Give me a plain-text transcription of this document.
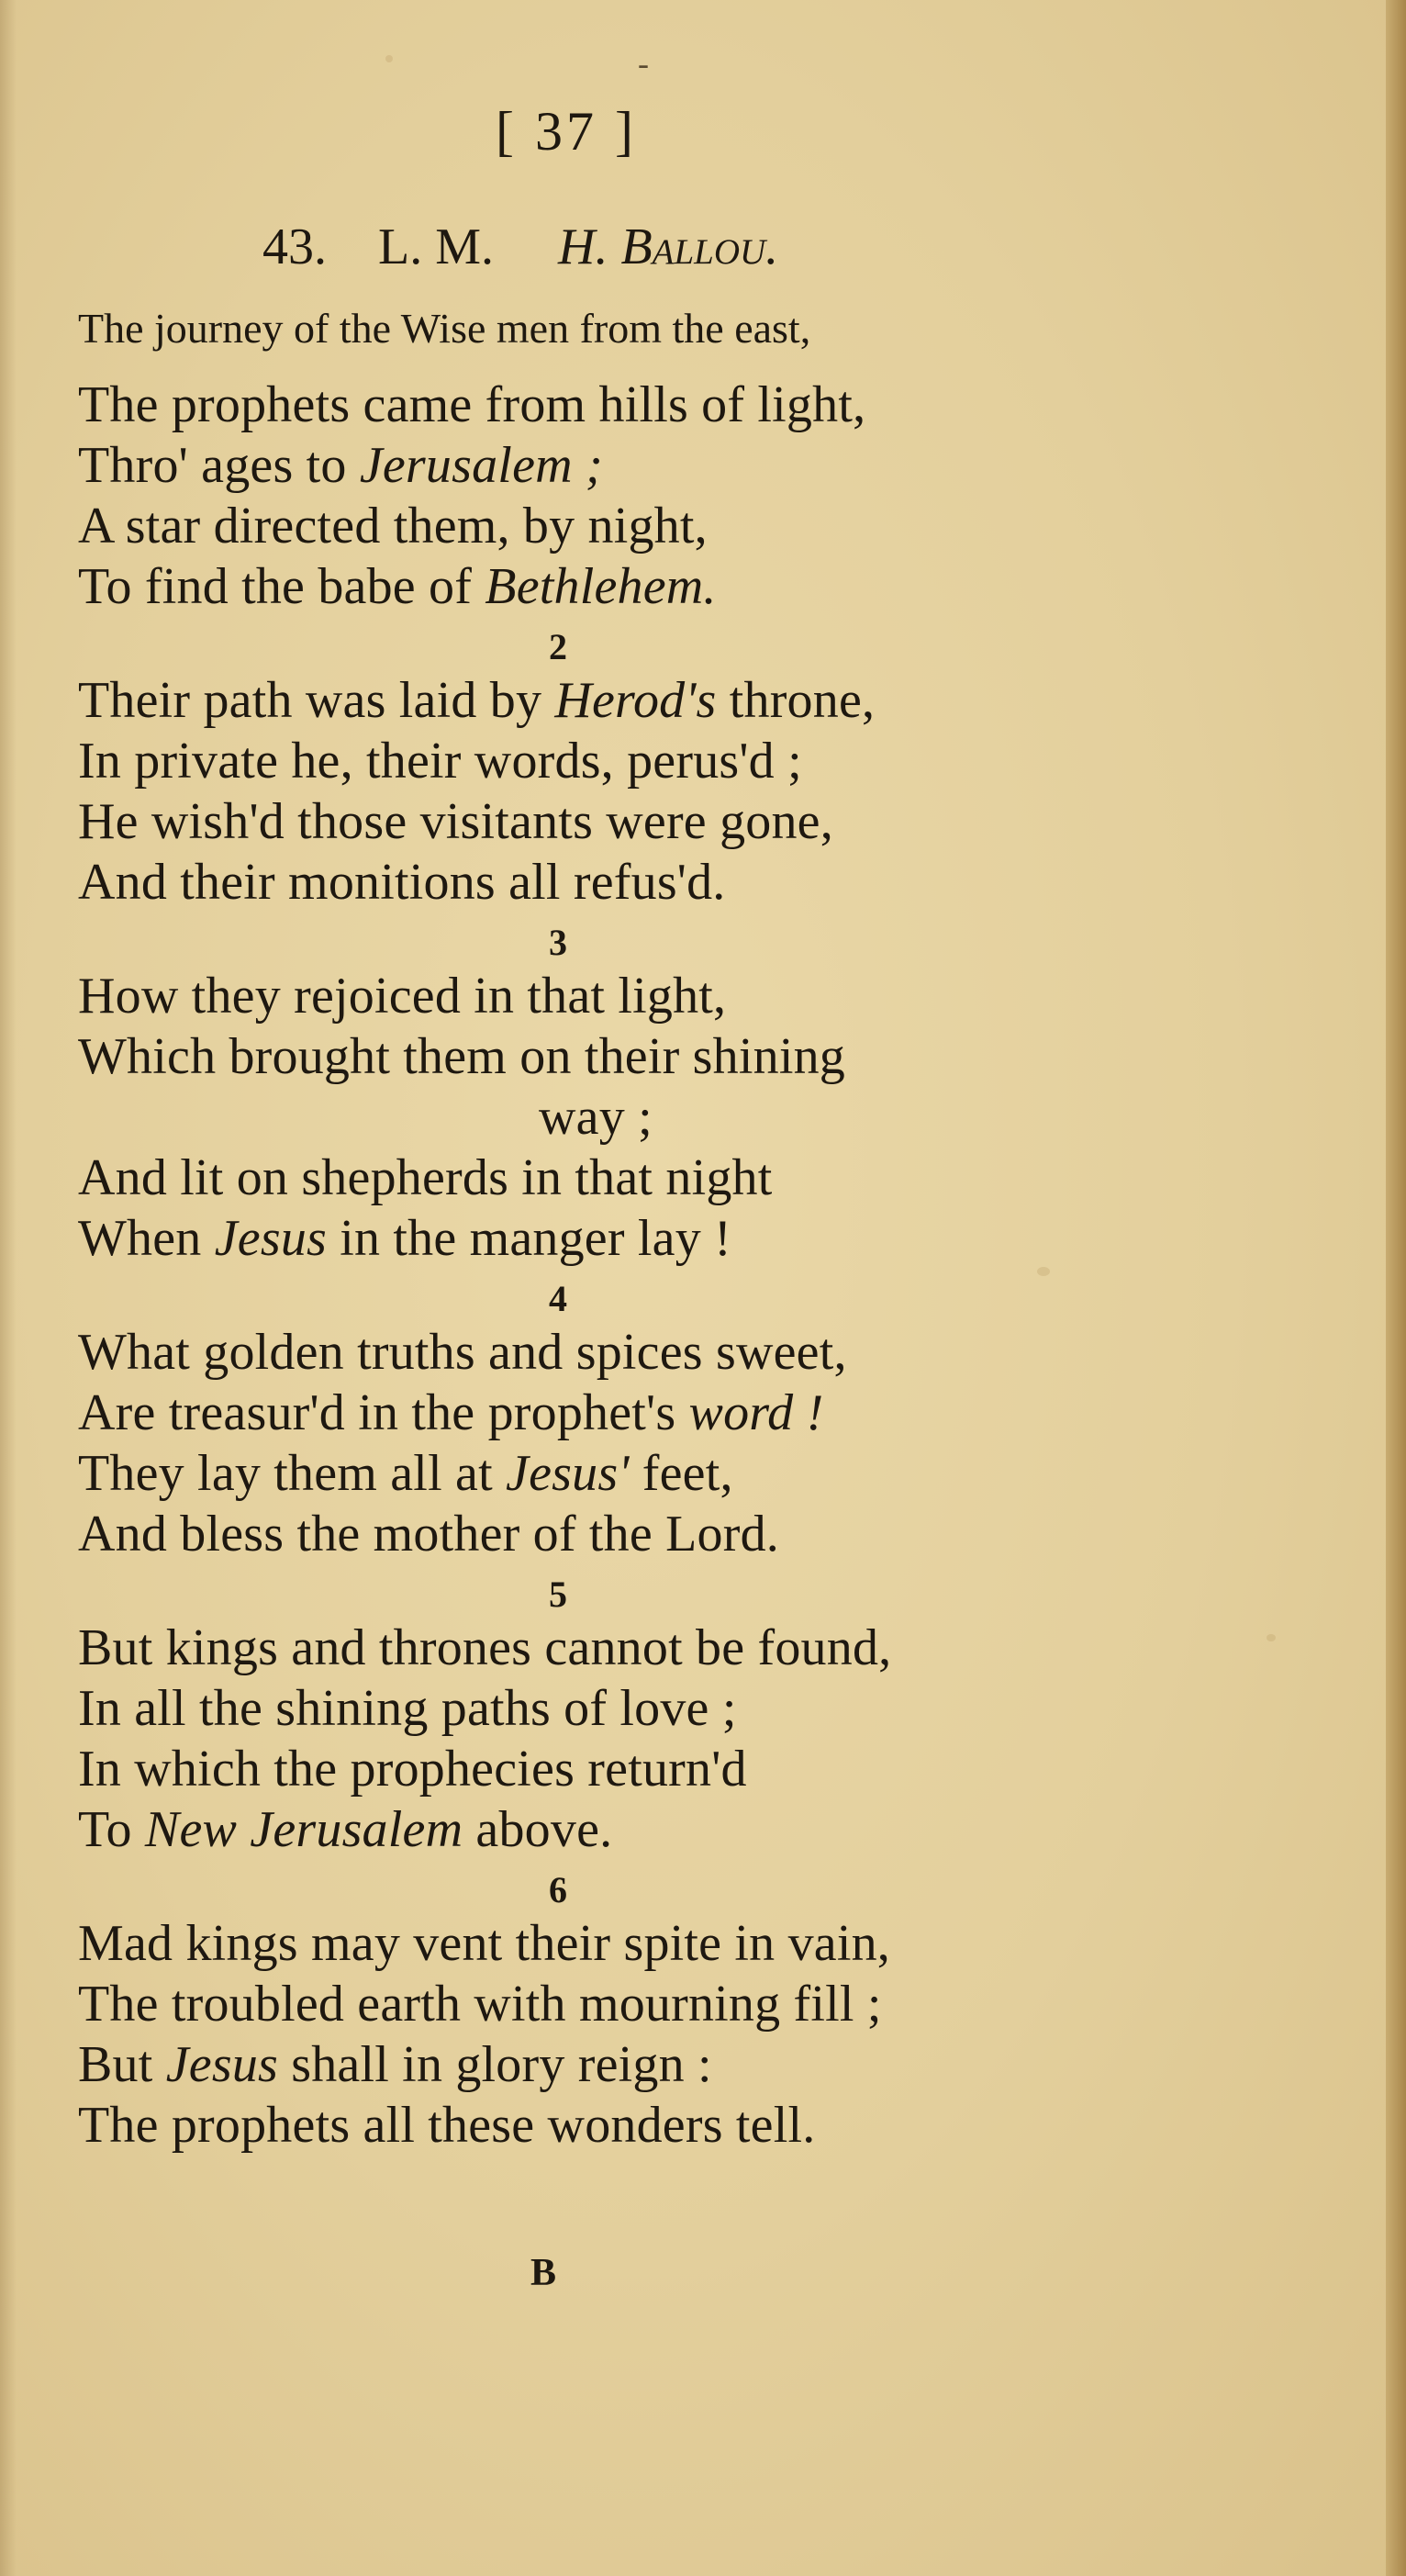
-
[ 37 ]
43. L. M. H. Ballou.
The journey of the Wise men from the east,
The prophets came from hills of light,
Thro' ages to Jerusalem ;
A star directed them, by night,
To find the babe of Bethlehem.
2
Their path was laid by Herod's throne,
In private he, their words, perus'd ;
He wish'd those visitants were gone,
And their monitions all refus'd.
3
How they rejoiced in that light,
Which brought them on their shining
way ;
And lit on shepherds in that night
When Jesus in the manger lay !
4
What golden truths and spices sweet,
Are treasur'd in the prophet's word !
They lay them all at Jesus' feet,
And bless the mother of the Lord.
5
But kings and thrones cannot be found,
In all the shining paths of love ;
In which the prophecies return'd
To New Jerusalem above.
6
Mad kings may vent their spite in vain,
The troubled earth with mourning fill ;
But Jesus shall in glory reign :
The prophets all these wonders tell.
B
